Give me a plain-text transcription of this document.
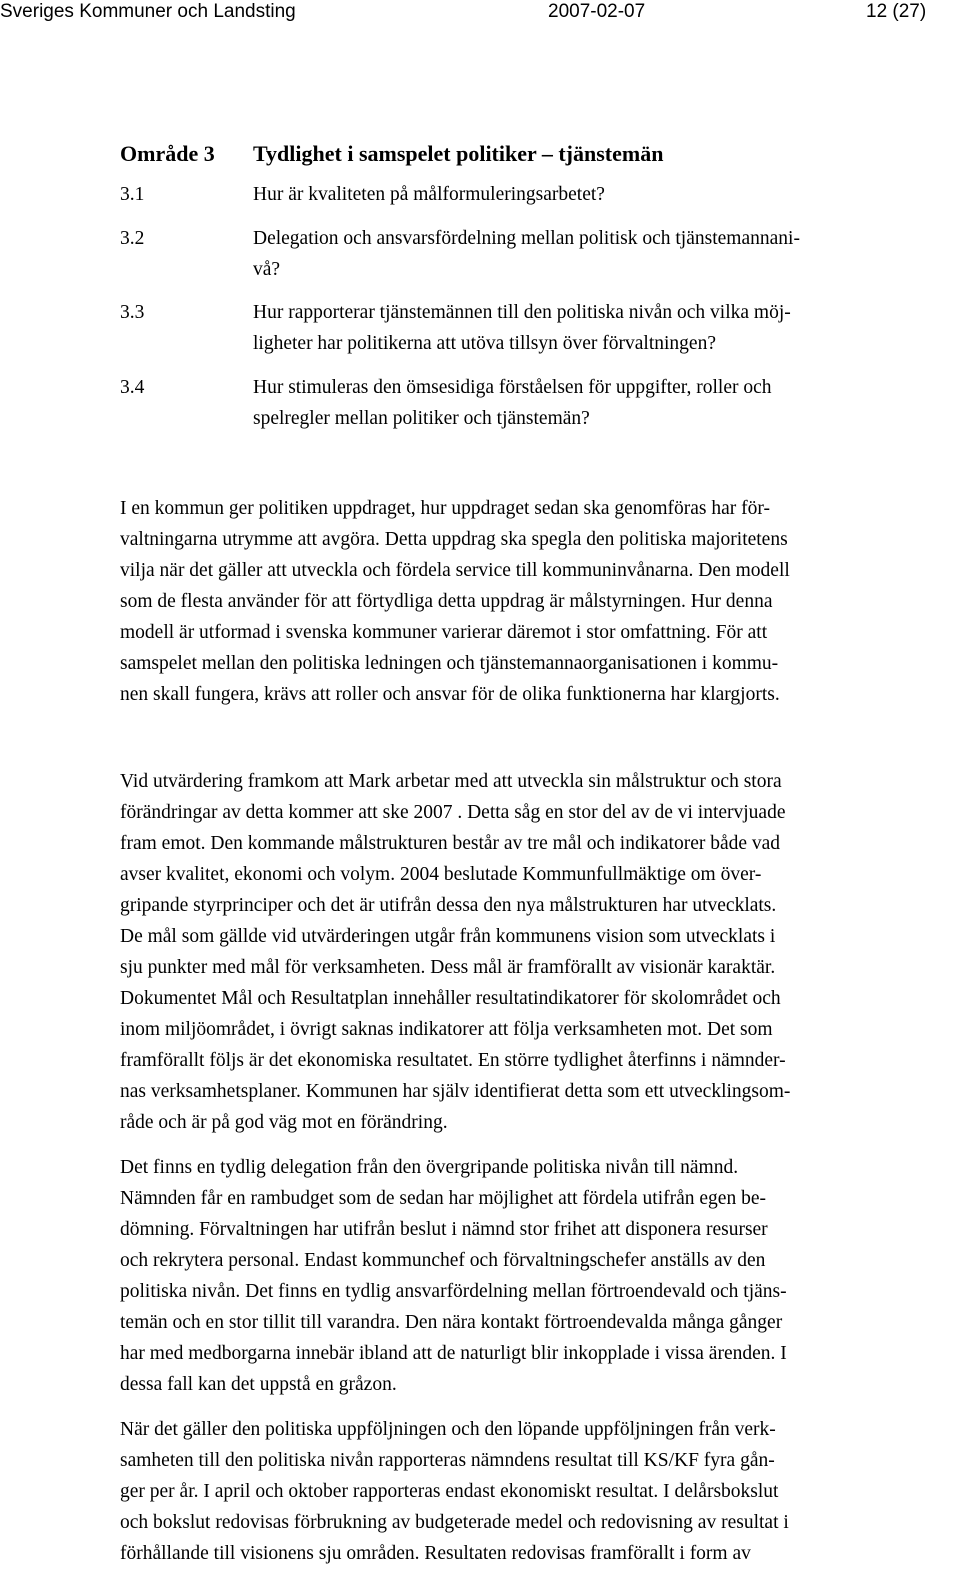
Sveriges Kommuner och Landsting	2007-02-07	12 (27)
Område 3 Tydlighet i samspelet politiker – tjänstemän
3.1	Hur är kvaliteten på målformuleringsarbetet?
3.2	Delegation och ansvarsfördelning mellan politisk och tjänstemannani-
vå?
3.3	Hur rapporterar tjänstemännen till den politiska nivån och vilka möj-
ligheter har politikerna att utöva tillsyn över förvaltningen?
3.4	Hur stimuleras den ömsesidiga förståelsen för uppgifter, roller och
spelregler mellan politiker och tjänstemän?
I en kommun ger politiken uppdraget, hur uppdraget sedan ska genomföras har för-
valtningarna utrymme att avgöra. Detta uppdrag ska spegla den politiska majoritetens
vilja när det gäller att utveckla och fördela service till kommuninvånarna. Den modell
som de flesta använder för att förtydliga detta uppdrag är målstyrningen. Hur denna
modell är utformad i svenska kommuner varierar däremot i stor omfattning. För att
samspelet mellan den politiska ledningen och tjänstemannaorganisationen i kommu-
nen skall fungera, krävs att roller och ansvar för de olika funktionerna har klargjorts.
Vid utvärdering framkom att Mark arbetar med att utveckla sin målstruktur och stora
förändringar av detta kommer att ske 2007 . Detta såg en stor del av de vi intervjuade
fram emot. Den kommande målstrukturen består av tre mål och indikatorer både vad
avser kvalitet, ekonomi och volym. 2004 beslutade Kommunfullmäktige om över-
gripande styrprinciper och det är utifrån dessa den nya målstrukturen har utvecklats.
De mål som gällde vid utvärderingen utgår från kommunens vision som utvecklats i
sju punkter med mål för verksamheten. Dess mål är framförallt av visionär karaktär.
Dokumentet Mål och Resultatplan innehåller resultatindikatorer för skolområdet och
inom miljöområdet, i övrigt saknas indikatorer att följa verksamheten mot. Det som
framförallt följs är det ekonomiska resultatet. En större tydlighet återfinns i nämnder-
nas verksamhetsplaner. Kommunen har själv identifierat detta som ett utvecklingsom-
råde och är på god väg mot en förändring.
Det finns en tydlig delegation från den övergripande politiska nivån till nämnd.
Nämnden får en rambudget som de sedan har möjlighet att fördela utifrån egen be-
dömning. Förvaltningen har utifrån beslut i nämnd stor frihet att disponera resurser
och rekrytera personal. Endast kommunchef och förvaltningschefer anställs av den
politiska nivån. Det finns en tydlig ansvarfördelning mellan förtroendevald och tjäns-
temän och en stor tillit till varandra. Den nära kontakt förtroendevalda många gånger
har med medborgarna innebär ibland att de naturligt blir inkopplade i vissa ärenden. I
dessa fall kan det uppstå en gråzon.
När det gäller den politiska uppföljningen och den löpande uppföljningen från verk-
samheten till den politiska nivån rapporteras nämndens resultat till KS/KF fyra gån-
ger per år. I april och oktober rapporteras endast ekonomiskt resultat. I delårsbokslut
och bokslut redovisas förbrukning av budgeterade medel och redovisning av resultat i
förhållande till visionens sju områden. Resultaten redovisas framförallt i form av
